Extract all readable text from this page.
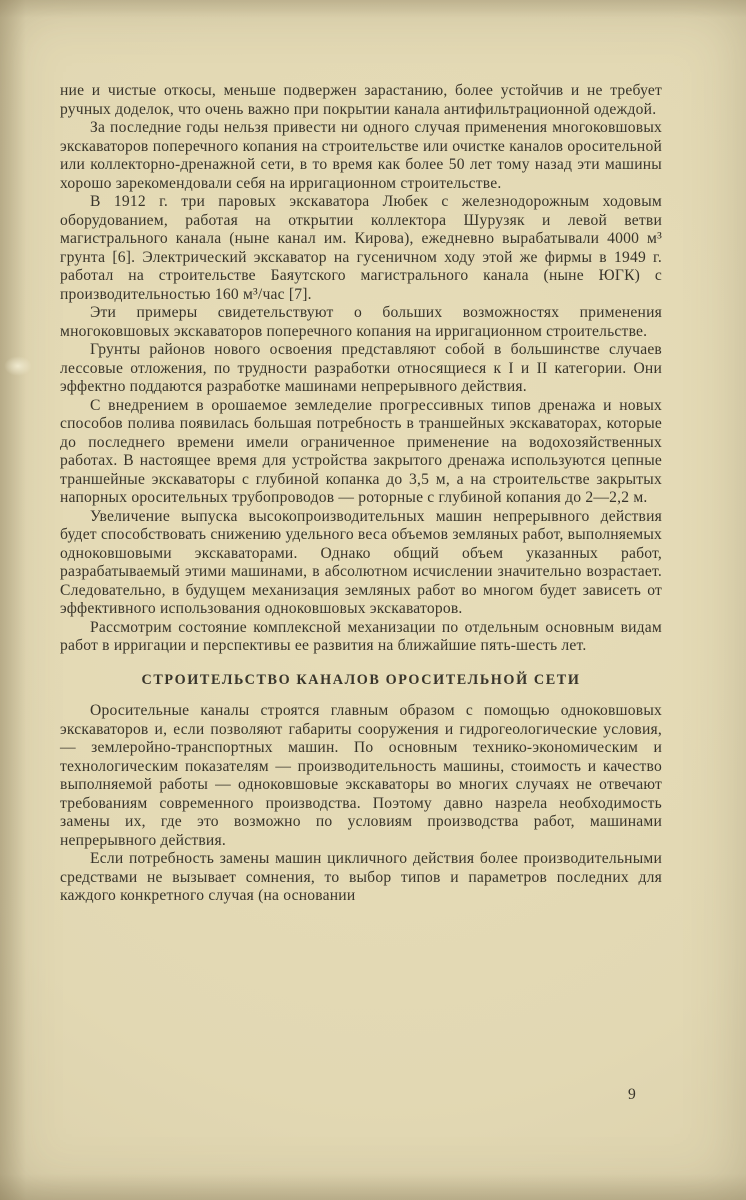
ние и чистые откосы, меньше подвержен зарастанию, более устойчив и не требует ручных доделок, что очень важно при покрытии канала антифильтрационной одеждой.

За последние годы нельзя привести ни одного случая применения многоковшовых экскаваторов поперечного копания на строительстве или очистке каналов оросительной или коллекторно-дренажной сети, в то время как более 50 лет тому назад эти машины хорошо зарекомендовали себя на ирригационном строительстве.

В 1912 г. три паровых экскаватора Любек с железнодорожным ходовым оборудованием, работая на открытии коллектора Шурузяк и левой ветви магистрального канала (ныне канал им. Кирова), ежедневно вырабатывали 4000 м³ грунта [6]. Электрический экскаватор на гусеничном ходу этой же фирмы в 1949 г. работал на строительстве Баяутского магистрального канала (ныне ЮГК) с производительностью 160 м³/час [7].

Эти примеры свидетельствуют о больших возможностях применения многоковшовых экскаваторов поперечного копания на ирригационном строительстве.

Грунты районов нового освоения представляют собой в большинстве случаев лессовые отложения, по трудности разработки относящиеся к I и II категории. Они эффектно поддаются разработке машинами непрерывного действия.

С внедрением в орошаемое земледелие прогрессивных типов дренажа и новых способов полива появилась большая потребность в траншейных экскаваторах, которые до последнего времени имели ограниченное применение на водохозяйственных работах. В настоящее время для устройства закрытого дренажа используются цепные траншейные экскаваторы с глубиной копанка до 3,5 м, а на строительстве закрытых напорных оросительных трубопроводов — роторные с глубиной копания до 2—2,2 м.

Увеличение выпуска высокопроизводительных машин непрерывного действия будет способствовать снижению удельного веса объемов земляных работ, выполняемых одноковшовыми экскаваторами. Однако общий объем указанных работ, разрабатываемый этими машинами, в абсолютном исчислении значительно возрастает. Следовательно, в будущем механизация земляных работ во многом будет зависеть от эффективного использования одноковшовых экскаваторов.

Рассмотрим состояние комплексной механизации по отдельным основным видам работ в ирригации и перспективы ее развития на ближайшие пять-шесть лет.

СТРОИТЕЛЬСТВО КАНАЛОВ ОРОСИТЕЛЬНОЙ СЕТИ

Оросительные каналы строятся главным образом с помощью одноковшовых экскаваторов и, если позволяют габариты сооружения и гидрогеологические условия, — землеройно-транспортных машин. По основным технико-экономическим и технологическим показателям — производительность машины, стоимость и качество выполняемой работы — одноковшовые экскаваторы во многих случаях не отвечают требованиям современного производства. Поэтому давно назрела необходимость замены их, где это возможно по условиям производства работ, машинами непрерывного действия.

Если потребность замены машин цикличного действия более производительными средствами не вызывает сомнения, то выбор типов и параметров последних для каждого конкретного случая (на основании

9
